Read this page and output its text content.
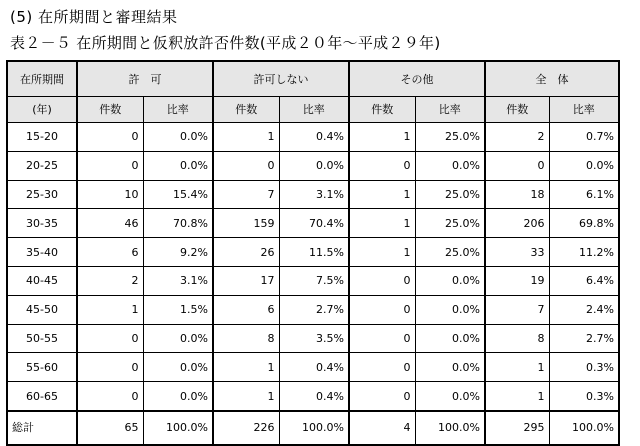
(5) 在所期間と審理結果
表２－５ 在所期間と仮釈放許否件数(平成２０年～平成２９年)
在所期間	許　可		許可しない		その他		全　体	
(年)	件数	比率	件数	比率	件数	比率	件数	比率
15-20	0	0.0%	1	0.4%	1	25.0%	2	0.7%
20-25	0	0.0%	0	0.0%	0	0.0%	0	0.0%
25-30	10	15.4%	7	3.1%	1	25.0%	18	6.1%
30-35	46	70.8%	159	70.4%	1	25.0%	206	69.8%
35-40	6	9.2%	26	11.5%	1	25.0%	33	11.2%
40-45	2	3.1%	17	7.5%	0	0.0%	19	6.4%
45-50	1	1.5%	6	2.7%	0	0.0%	7	2.4%
50-55	0	0.0%	8	3.5%	0	0.0%	8	2.7%
55-60	0	0.0%	1	0.4%	0	0.0%	1	0.3%
60-65	0	0.0%	1	0.4%	0	0.0%	1	0.3%
総計	65	100.0%	226	100.0%	4	100.0%	295	100.0%
